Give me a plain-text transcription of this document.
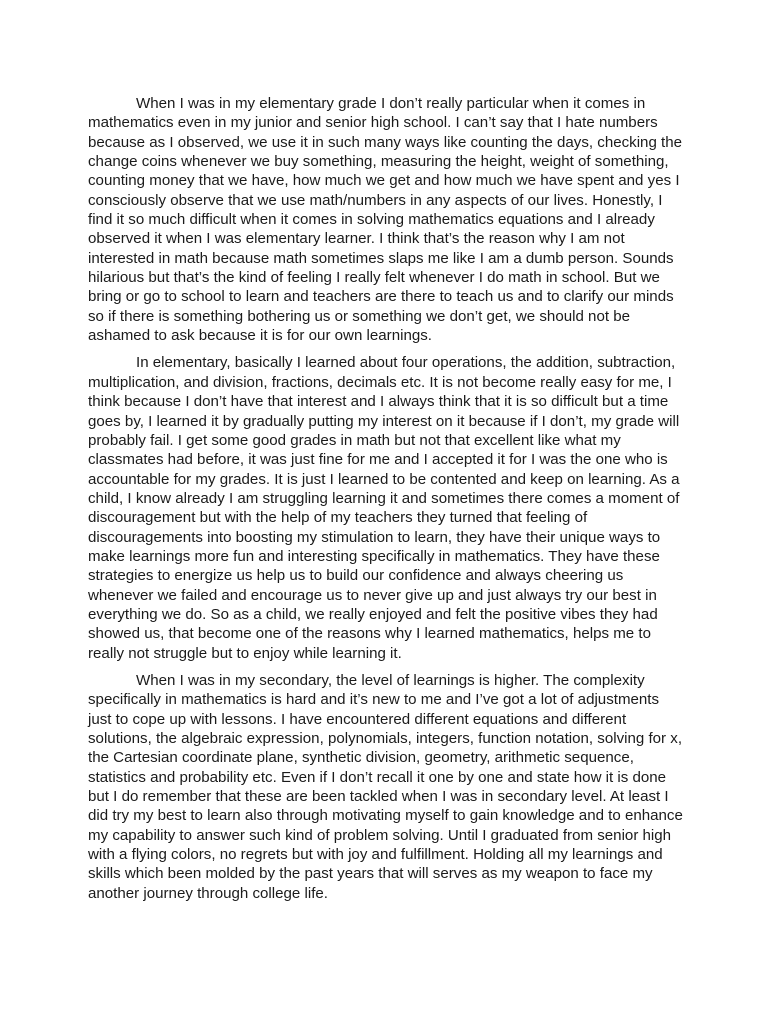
When I was in my elementary grade I don’t really particular when it comes in mathematics even in my junior and senior high school. I can’t say that I hate numbers because as I observed, we use it in such many ways like counting the days, checking the change coins whenever we buy something, measuring the height, weight of something, counting money that we have, how much we get and how much we have spent and yes I consciously observe that we use math/numbers in any aspects of our lives. Honestly, I find it so much difficult when it comes in solving mathematics equations and I already observed it when I was elementary learner. I think that’s the reason why I am not interested in math because math sometimes slaps me like I am a dumb person. Sounds hilarious but that’s the kind of feeling I really felt whenever I do math in school. But we bring or go to school to learn and teachers are there to teach us and to clarify our minds so if there is something bothering us or something we don’t get, we should not be ashamed to ask because it is for our own learnings.

In elementary, basically I learned about four operations, the addition, subtraction, multiplication, and division, fractions, decimals etc. It is not become really easy for me, I think because I don’t have that interest and I always think that it is so difficult but a time goes by, I learned it by gradually putting my interest on it because if I don’t, my grade will probably fail. I get some good grades in math but not that excellent like what my classmates had before, it was just fine for me and I accepted it for I was the one who is accountable for my grades. It is just I learned to be contented and keep on learning. As a child, I know already I am struggling learning it and sometimes there comes a moment of discouragement but with the help of my teachers they turned that feeling of discouragements into boosting my stimulation to learn, they have their unique ways to make learnings more fun and interesting specifically in mathematics. They have these strategies to energize us help us to build our confidence and always cheering us whenever we failed and encourage us to never give up and just always try our best in everything we do. So as a child, we really enjoyed and felt the positive vibes they had showed us, that become one of the reasons why I learned mathematics, helps me to really not struggle but to enjoy while learning it.

When I was in my secondary, the level of learnings is higher. The complexity specifically in mathematics is hard and it’s new to me and I’ve got a lot of adjustments just to cope up with lessons. I have encountered different equations and different solutions, the algebraic expression, polynomials, integers, function notation, solving for x, the Cartesian coordinate plane, synthetic division, geometry, arithmetic sequence, statistics and probability etc. Even if I don’t recall it one by one and state how it is done but I do remember that these are been tackled when I was in secondary level. At least I did try my best to learn also through motivating myself to gain knowledge and to enhance my capability to answer such kind of problem solving. Until I graduated from senior high with a flying colors, no regrets but with joy and fulfillment. Holding all my learnings and skills which been molded by the past years that will serves as my weapon to face my another journey through college life.
